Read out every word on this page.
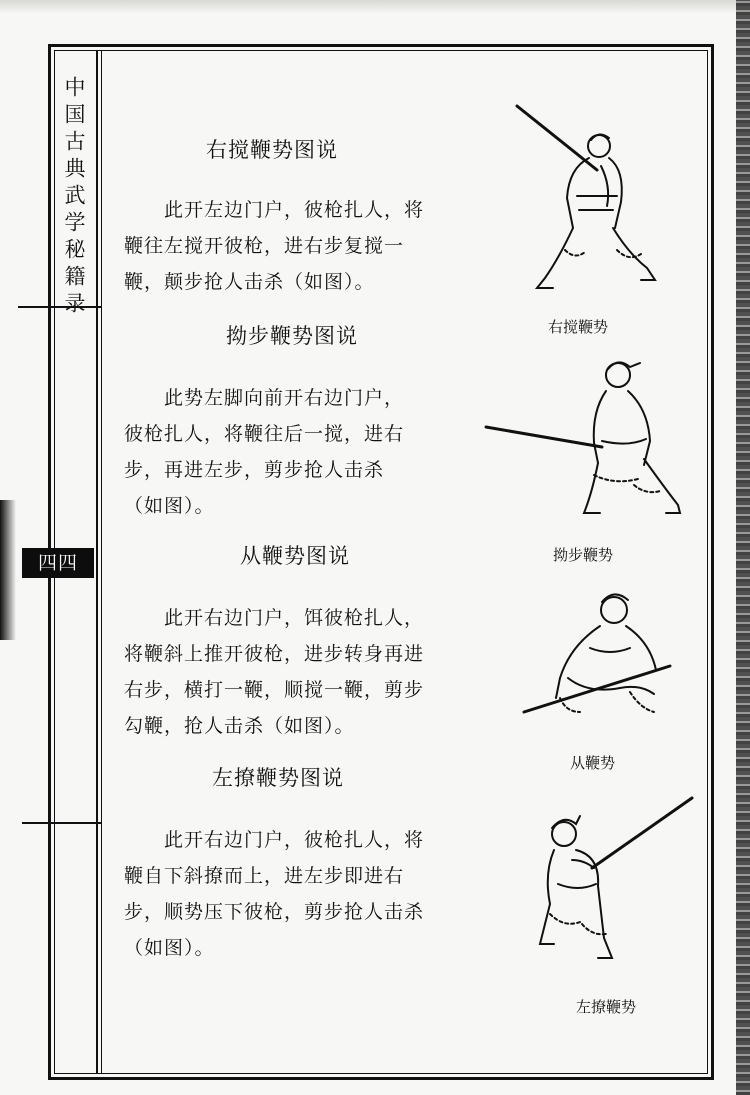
中国古典武学秘籍录
四四
右搅鞭势图说

此开左边门户，彼枪扎人，将

鞭往左搅开彼枪，进右步复搅一

鞭，颠步抢人击杀（如图）。

拗步鞭势图说

此势左脚向前开右边门户，

彼枪扎人，将鞭往后一搅，进右

步，再进左步，剪步抢人击杀

（如图）。

从鞭势图说

此开右边门户，饵彼枪扎人，

将鞭斜上推开彼枪，进步转身再进

右步，横打一鞭，顺搅一鞭，剪步

勾鞭，抢人击杀（如图）。

左撩鞭势图说

此开右边门户，彼枪扎人，将

鞭自下斜撩而上，进左步即进右

步，顺势压下彼枪，剪步抢人击杀

（如图）。

右搅鞭势
拗步鞭势
从鞭势
左撩鞭势
